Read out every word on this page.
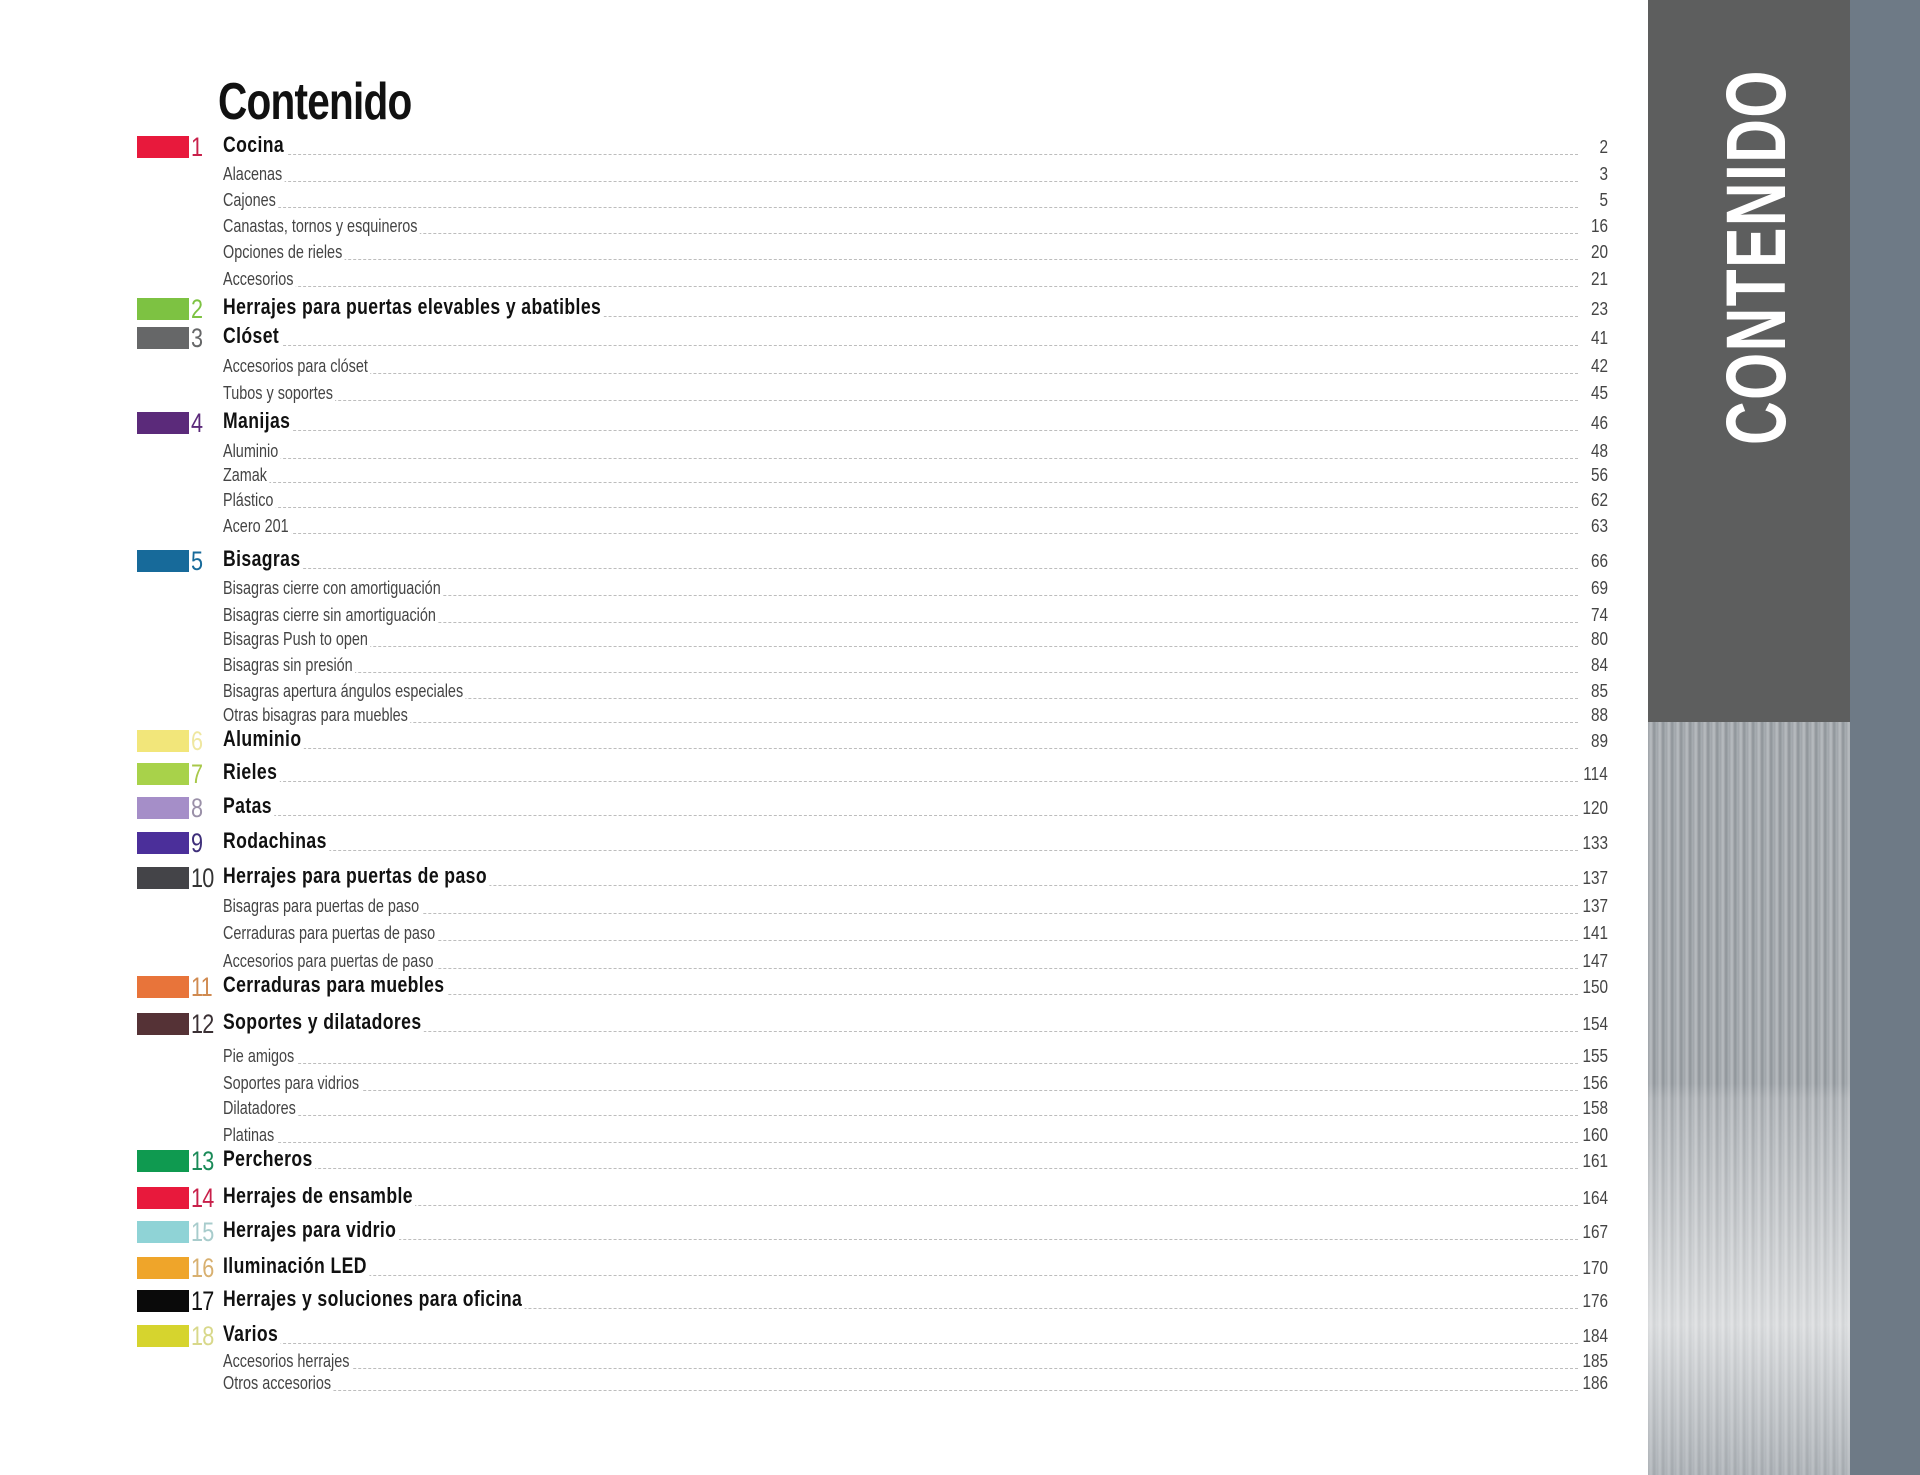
Contenido
1 Cocina	2
Alacenas	3
Cajones	5
Canastas, tornos y esquineros	16
Opciones de rieles	20
Accesorios	21
2 Herrajes para puertas elevables y abatibles	23
3 Clóset	41
Accesorios para clóset	42
Tubos y soportes	45
4 Manijas	46
Aluminio	48
Zamak	56
Plástico	62
Acero 201	63
5 Bisagras	66
Bisagras cierre con amortiguación	69
Bisagras cierre sin amortiguación	74
Bisagras Push to open	80
Bisagras sin presión	84
Bisagras apertura ángulos especiales	85
Otras bisagras para muebles	88
6 Aluminio	89
7 Rieles	114
8 Patas	120
9 Rodachinas	133
10 Herrajes para puertas de paso	137
Bisagras para puertas de paso	137
Cerraduras para puertas de paso	141
Accesorios para puertas de paso	147
11 Cerraduras para muebles	150
12 Soportes y dilatadores	154
Pie amigos	155
Soportes para vidrios	156
Dilatadores	158
Platinas	160
13 Percheros	161
14 Herrajes de ensamble	164
15 Herrajes para vidrio	167
16 Iluminación LED	170
17 Herrajes y soluciones para oficina	176
18 Varios	184
Accesorios herrajes	185
Otros accesorios	186
CONTENIDO
